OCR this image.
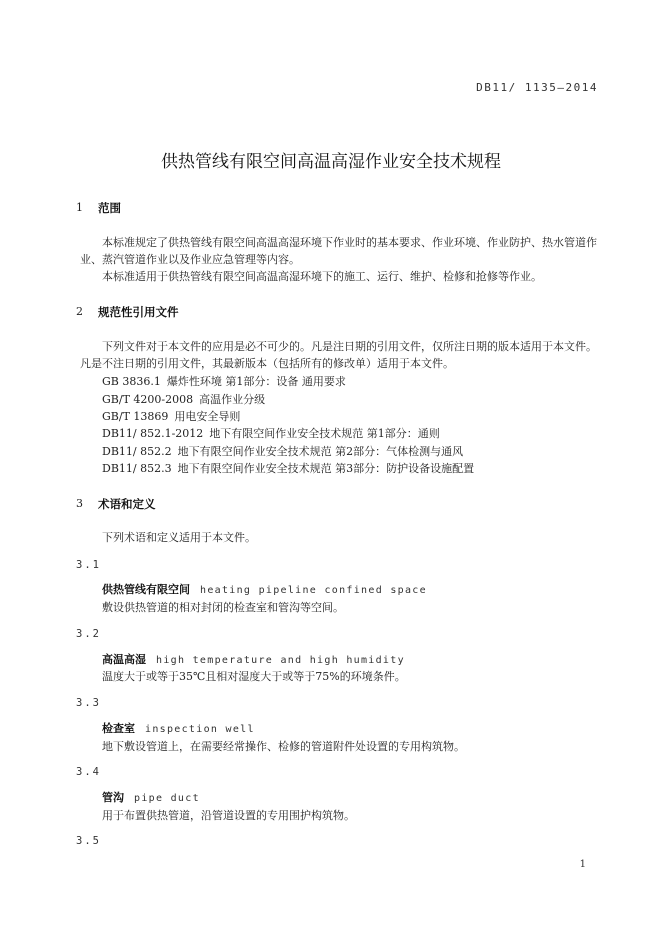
DB11/ 1135—2014
供热管线有限空间高温高湿作业安全技术规程
1 范围
本标准规定了供热管线有限空间高温高湿环境下作业时的基本要求、作业环境、作业防护、热水管道作业、蒸汽管道作业以及作业应急管理等内容。
本标准适用于供热管线有限空间高温高湿环境下的施工、运行、维护、检修和抢修等作业。
2 规范性引用文件
下列文件对于本文件的应用是必不可少的。凡是注日期的引用文件，仅所注日期的版本适用于本文件。凡是不注日期的引用文件，其最新版本（包括所有的修改单）适用于本文件。
GB 3836.1 爆炸性环境 第1部分：设备 通用要求
GB/T 4200-2008 高温作业分级
GB/T 13869 用电安全导则
DB11/ 852.1-2012 地下有限空间作业安全技术规范 第1部分：通则
DB11/ 852.2 地下有限空间作业安全技术规范 第2部分：气体检测与通风
DB11/ 852.3 地下有限空间作业安全技术规范 第3部分：防护设备设施配置
3 术语和定义
下列术语和定义适用于本文件。
3.1
供热管线有限空间 heating pipeline confined space
敷设供热管道的相对封闭的检查室和管沟等空间。
3.2
高温高湿 high temperature and high humidity
温度大于或等于35℃且相对湿度大于或等于75%的环境条件。
3.3
检查室 inspection well
地下敷设管道上，在需要经常操作、检修的管道附件处设置的专用构筑物。
3.4
管沟 pipe duct
用于布置供热管道，沿管道设置的专用围护构筑物。
3.5
1
